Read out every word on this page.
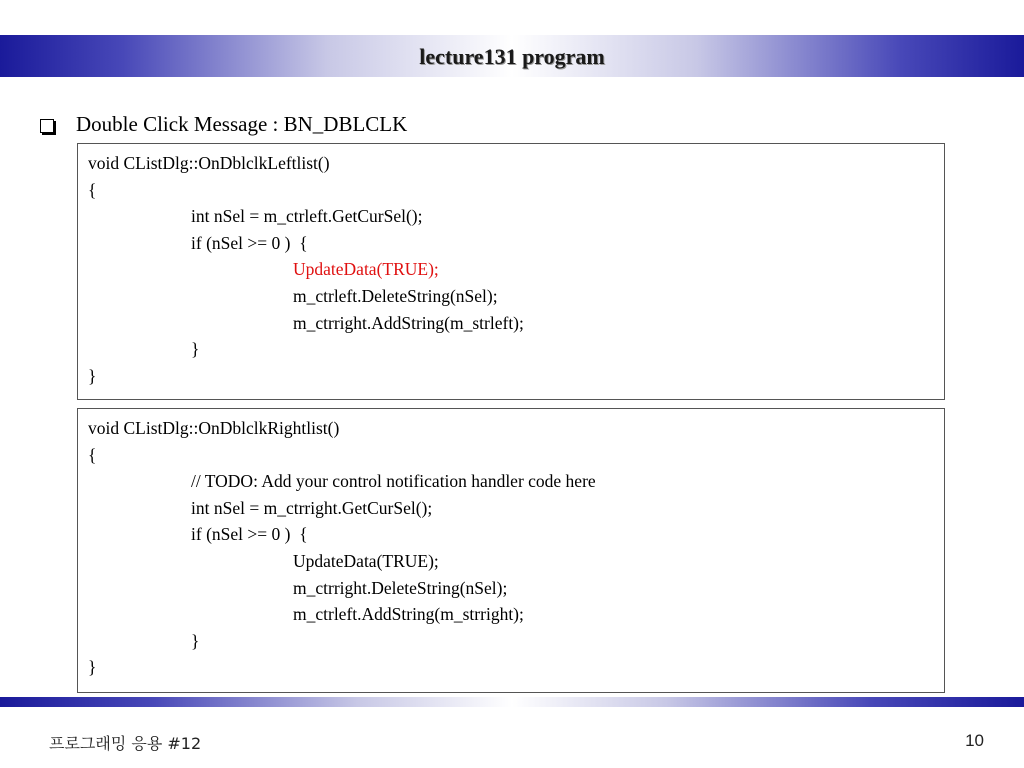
lecture131 program
Double Click Message : BN_DBLCLK
void CListDlg::OnDblclkLeftlist()
{
int nSel = m_ctrleft.GetCurSel();
if (nSel >= 0 )  {
UpdateData(TRUE);
m_ctrleft.DeleteString(nSel);
m_ctrright.AddString(m_strleft);
}
}
void CListDlg::OnDblclkRightlist()
{
// TODO: Add your control notification handler code here
int nSel = m_ctrright.GetCurSel();
if (nSel >= 0 )  {
UpdateData(TRUE);
m_ctrright.DeleteString(nSel);
m_ctrleft.AddString(m_strright);
}
}
프로그래밍 응용 #12	10
